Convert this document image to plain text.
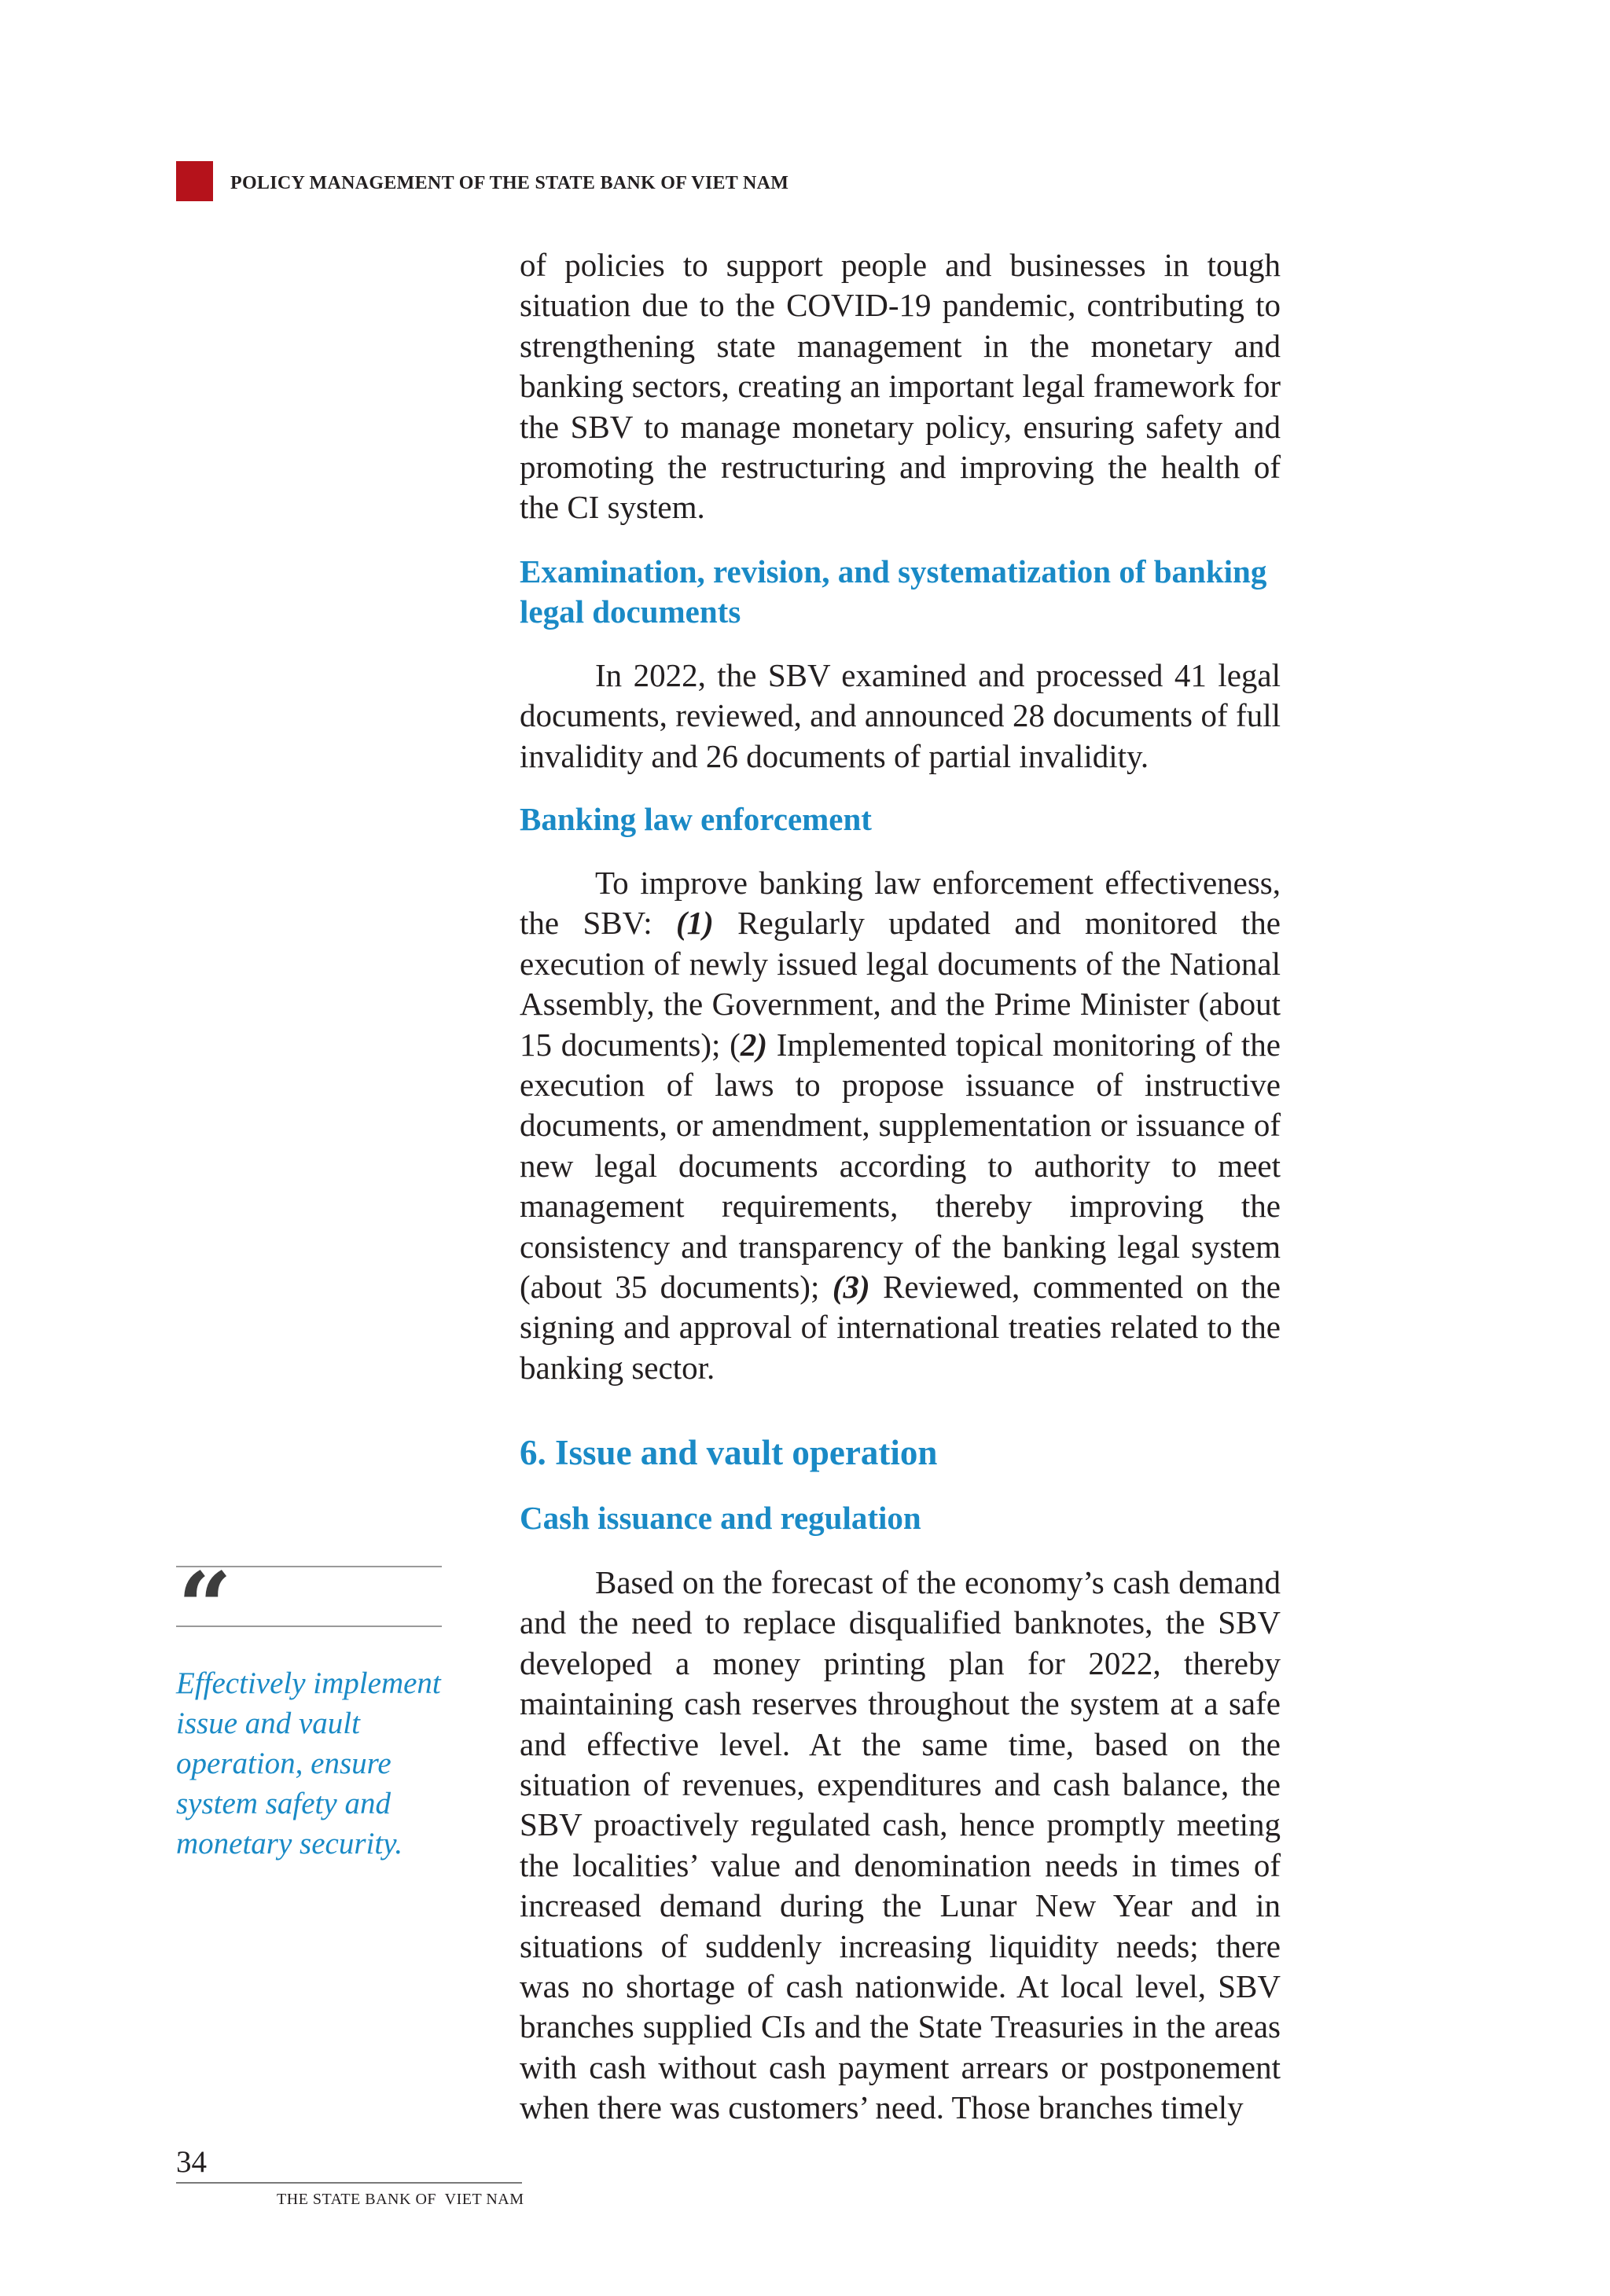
POLICY MANAGEMENT OF THE STATE BANK OF VIET NAM

of policies to support people and businesses in tough situation due to the COVID-19 pandemic, contributing to strengthening state management in the monetary and banking sectors, creating an important legal framework for the SBV to manage monetary policy, ensuring safety and promoting the restructuring and improving the health of the CI system.

Examination, revision, and systematization of banking legal documents

In 2022, the SBV examined and processed 41 legal documents, reviewed, and announced 28 documents of full invalidity and 26 documents of partial invalidity.

Banking law enforcement

To improve banking law enforcement effectiveness, the SBV: (1) Regularly updated and monitored the execution of newly issued legal documents of the National Assembly, the Government, and the Prime Minister (about 15 documents); (2) Implemented topical monitoring of the execution of laws to propose issuance of instructive documents, or amendment, supplementation or issuance of new legal documents according to authority to meet management requirements, thereby improving the consistency and transparency of the banking legal system (about 35 documents); (3) Reviewed, commented on the signing and approval of international treaties related to the banking sector.

6. Issue and vault operation

Cash issuance and regulation

Based on the forecast of the economy’s cash demand and the need to replace disqualified banknotes, the SBV developed a money printing plan for 2022, thereby maintaining cash reserves throughout the system at a safe and effective level. At the same time, based on the situation of revenues, expenditures and cash balance, the SBV proactively regulated cash, hence promptly meeting the localities’ value and denomination needs in times of increased demand during the Lunar New Year and in situations of suddenly increasing liquidity needs; there was no shortage of cash nationwide. At local level, SBV branches supplied CIs and the State Treasuries in the areas with cash without cash payment arrears or postponement when there was customers’ need. Those branches timely

“
Effectively implement issue and vault operation, ensure system safety and monetary security.
34
THE STATE BANK OF  VIET NAM
